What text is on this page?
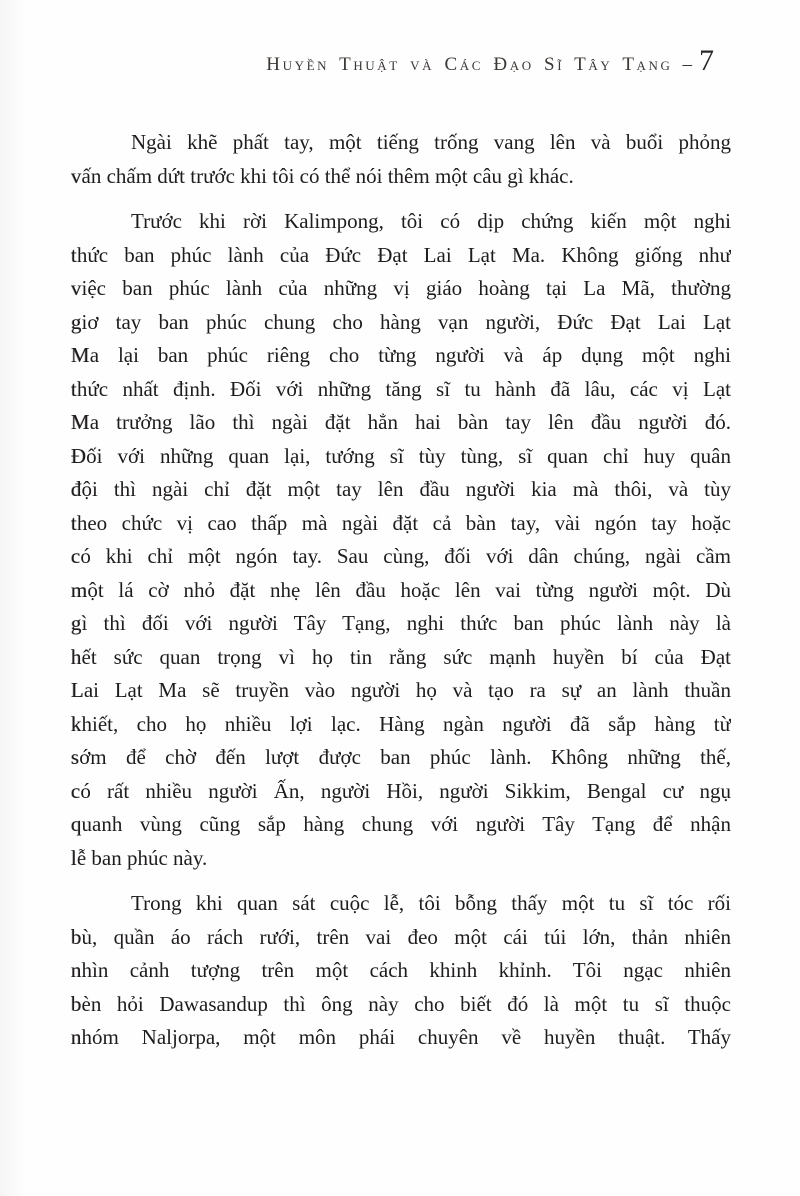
Huyền Thuật và Các Đạo Sĩ Tây Tạng – 7
Ngài khẽ phất tay, một tiếng trống vang lên và buổi phỏng
vấn chấm dứt trước khi tôi có thể nói thêm một câu gì khác.
Trước khi rời Kalimpong, tôi có dịp chứng kiến một nghi
thức ban phúc lành của Đức Đạt Lai Lạt Ma. Không giống như
việc ban phúc lành của những vị giáo hoàng tại La Mã, thường
giơ tay ban phúc chung cho hàng vạn người, Đức Đạt Lai Lạt
Ma lại ban phúc riêng cho từng người và áp dụng một nghi
thức nhất định. Đối với những tăng sĩ tu hành đã lâu, các vị Lạt
Ma trưởng lão thì ngài đặt hẳn hai bàn tay lên đầu người đó.
Đối với những quan lại, tướng sĩ tùy tùng, sĩ quan chỉ huy quân
đội thì ngài chỉ đặt một tay lên đầu người kia mà thôi, và tùy
theo chức vị cao thấp mà ngài đặt cả bàn tay, vài ngón tay hoặc
có khi chỉ một ngón tay. Sau cùng, đối với dân chúng, ngài cầm
một lá cờ nhỏ đặt nhẹ lên đầu hoặc lên vai từng người một. Dù
gì thì đối với người Tây Tạng, nghi thức ban phúc lành này là
hết sức quan trọng vì họ tin rằng sức mạnh huyền bí của Đạt
Lai Lạt Ma sẽ truyền vào người họ và tạo ra sự an lành thuần
khiết, cho họ nhiều lợi lạc. Hàng ngàn người đã sắp hàng từ
sớm để chờ đến lượt được ban phúc lành. Không những thế,
có rất nhiều người Ấn, người Hồi, người Sikkim, Bengal cư ngụ
quanh vùng cũng sắp hàng chung với người Tây Tạng để nhận
lễ ban phúc này.
Trong khi quan sát cuộc lễ, tôi bỗng thấy một tu sĩ tóc rối
bù, quần áo rách rưới, trên vai đeo một cái túi lớn, thản nhiên
nhìn cảnh tượng trên một cách khinh khỉnh. Tôi ngạc nhiên
bèn hỏi Dawasandup thì ông này cho biết đó là một tu sĩ thuộc
nhóm Naljorpa, một môn phái chuyên về huyền thuật. Thấy
